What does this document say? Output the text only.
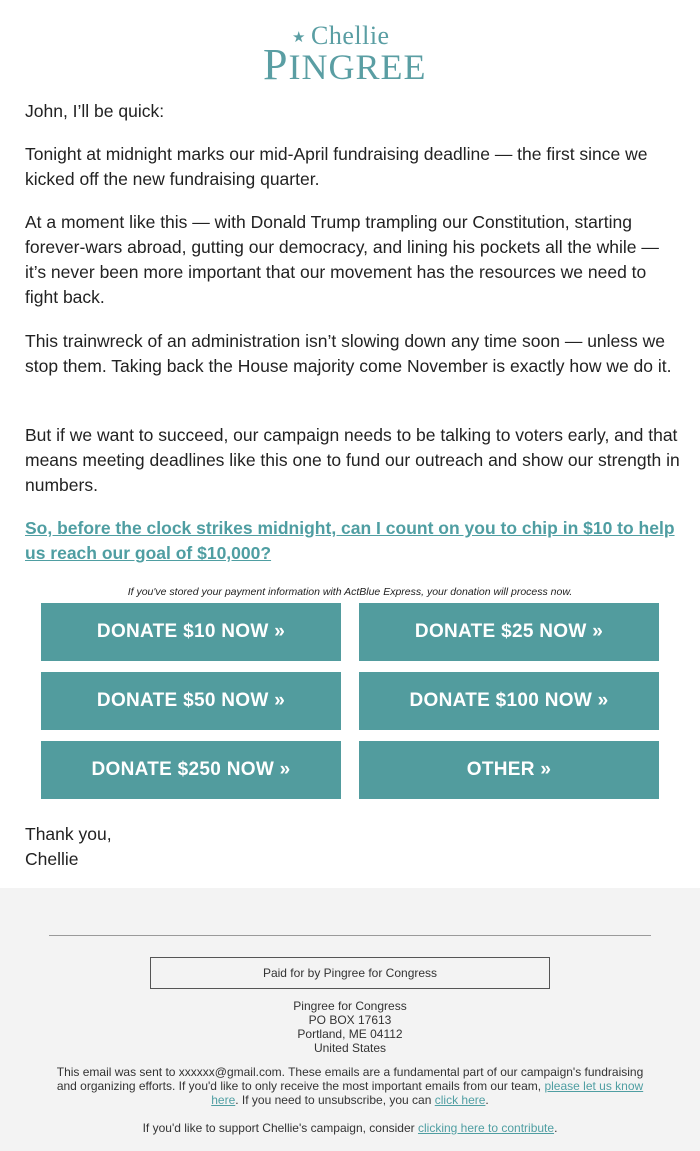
★ Chellie
PINGREE

John, I’ll be quick:

Tonight at midnight marks our mid-April fundraising deadline — the first since we kicked off the new fundraising quarter.

At a moment like this — with Donald Trump trampling our Constitution, starting forever-wars abroad, gutting our democracy, and lining his pockets all the while — it’s never been more important that our movement has the resources we need to fight back.

This trainwreck of an administration isn’t slowing down any time soon — unless we stop them. Taking back the House majority come November is exactly how we do it.

But if we want to succeed, our campaign needs to be talking to voters early, and that means meeting deadlines like this one to fund our outreach and show our strength in numbers.

So, before the clock strikes midnight, can I count on you to chip in $10 to help us reach our goal of $10,000?
If you've stored your payment information with ActBlue Express, your donation will process now.
DONATE $10 NOW »	DONATE $25 NOW »
DONATE $50 NOW »	DONATE $100 NOW »
DONATE $250 NOW »	OTHER »
Thank you,
Chellie
Paid for by Pingree for Congress
Pingree for Congress
PO BOX 17613
Portland, ME 04112
United States
This email was sent to xxxxxx@gmail.com. These emails are a fundamental part of our campaign's fundraising and organizing efforts. If you'd like to only receive the most important emails from our team, please let us know here. If you need to unsubscribe, you can click here.
If you'd like to support Chellie's campaign, consider clicking here to contribute.
